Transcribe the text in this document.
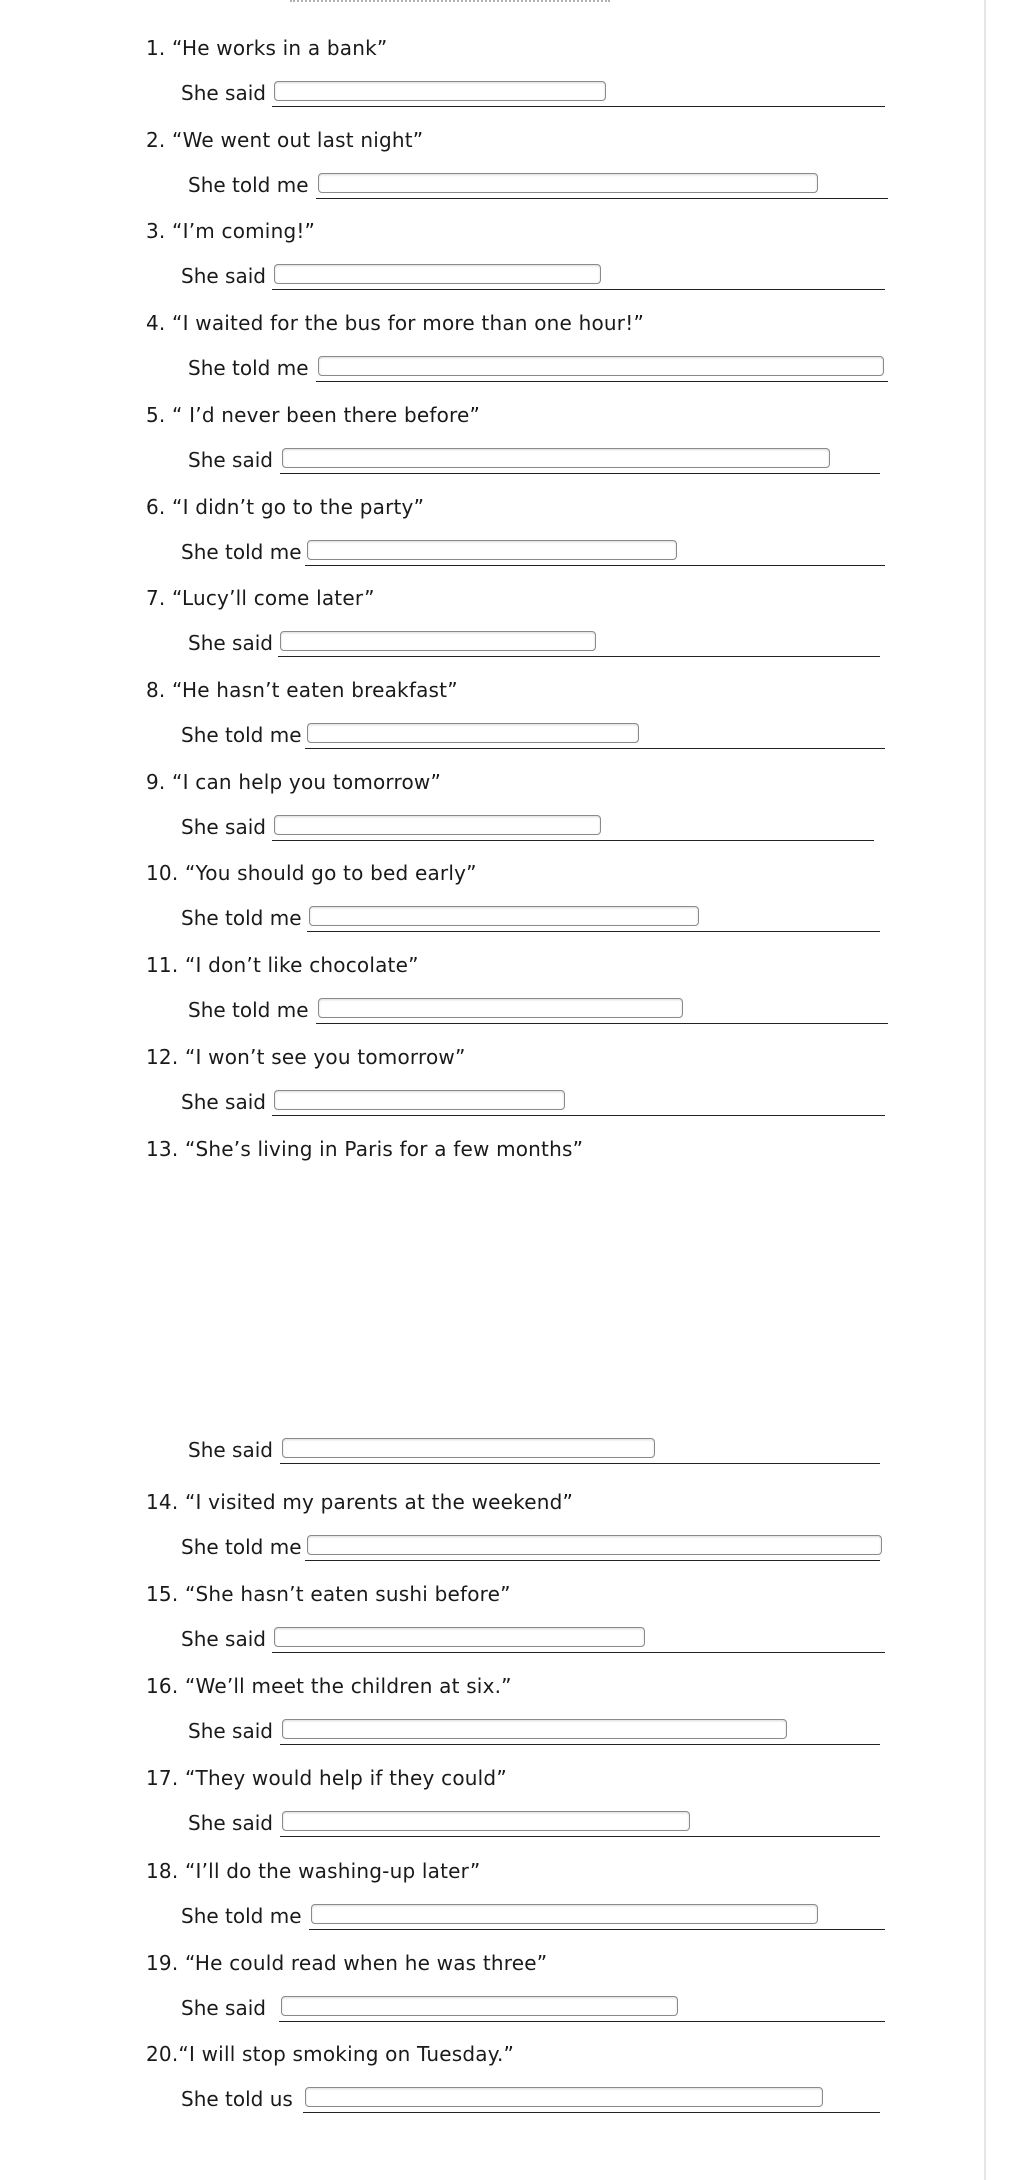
1. “He works in a bank”
She said
2. “We went out last night”
She told me
3. “I’m coming!”
She said
4. “I waited for the bus for more than one hour!”
She told me
5. “ I’d never been there before”
She said
6. “I didn’t go to the party”
She told me
7. “Lucy’ll come later”
She said
8. “He hasn’t eaten breakfast”
She told me
9. “I can help you tomorrow”
She said
10. “You should go to bed early”
She told me
11. “I don’t like chocolate”
She told me
12. “I won’t see you tomorrow”
She said
13. “She’s living in Paris for a few months”
She said
14. “I visited my parents at the weekend”
She told me
15. “She hasn’t eaten sushi before”
She said
16. “We’ll meet the children at six.”
She said
17. “They would help if they could”
She said
18. “I’ll do the washing-up later”
She told me
19. “He could read when he was three”
She said
20.“I will stop smoking on Tuesday.”
She told us
